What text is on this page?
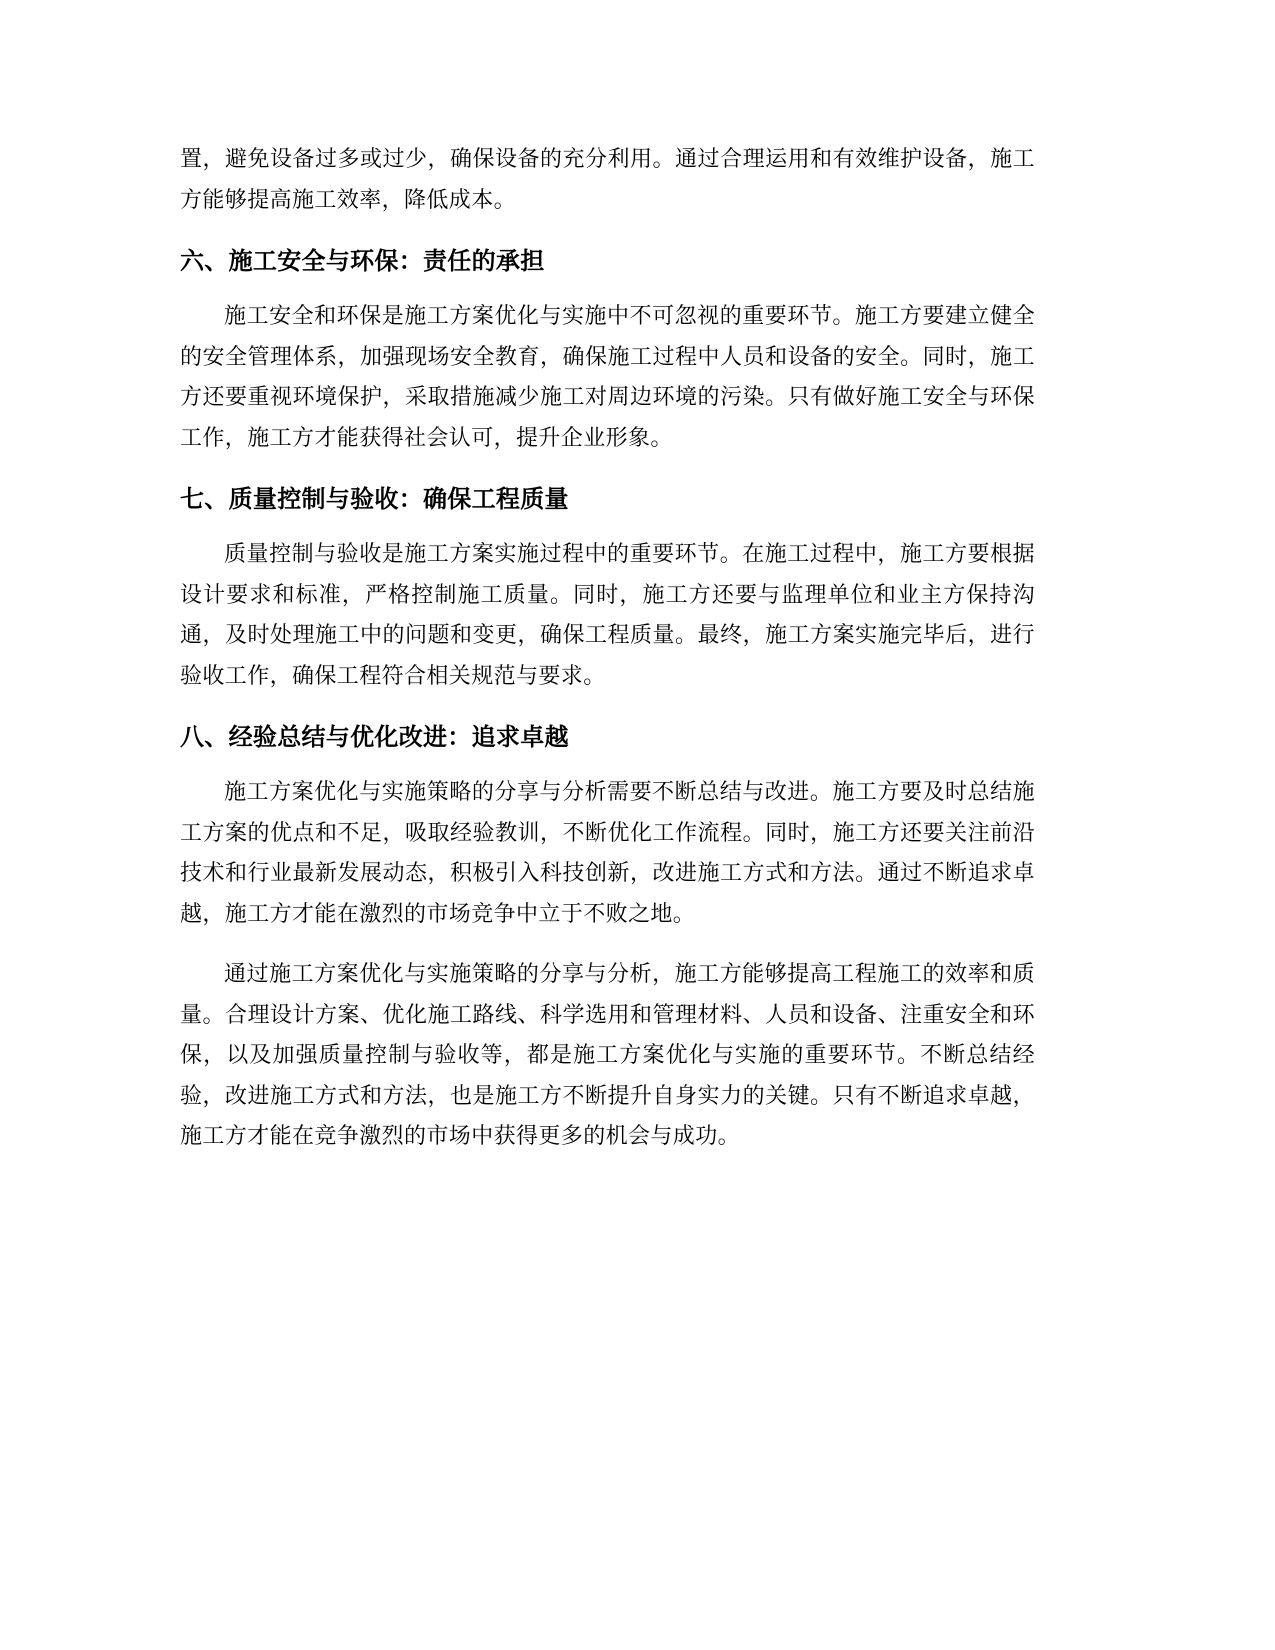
置，避免设备过多或过少，确保设备的充分利用。通过合理运用和有效维护设备，施工方能够提高施工效率，降低成本。

六、施工安全与环保：责任的承担

施工安全和环保是施工方案优化与实施中不可忽视的重要环节。施工方要建立健全的安全管理体系，加强现场安全教育，确保施工过程中人员和设备的安全。同时，施工方还要重视环境保护，采取措施减少施工对周边环境的污染。只有做好施工安全与环保工作，施工方才能获得社会认可，提升企业形象。

七、质量控制与验收：确保工程质量

质量控制与验收是施工方案实施过程中的重要环节。在施工过程中，施工方要根据设计要求和标准，严格控制施工质量。同时，施工方还要与监理单位和业主方保持沟通，及时处理施工中的问题和变更，确保工程质量。最终，施工方案实施完毕后，进行验收工作，确保工程符合相关规范与要求。

八、经验总结与优化改进：追求卓越

施工方案优化与实施策略的分享与分析需要不断总结与改进。施工方要及时总结施工方案的优点和不足，吸取经验教训，不断优化工作流程。同时，施工方还要关注前沿技术和行业最新发展动态，积极引入科技创新，改进施工方式和方法。通过不断追求卓越，施工方才能在激烈的市场竞争中立于不败之地。

通过施工方案优化与实施策略的分享与分析，施工方能够提高工程施工的效率和质量。合理设计方案、优化施工路线、科学选用和管理材料、人员和设备、注重安全和环保，以及加强质量控制与验收等，都是施工方案优化与实施的重要环节。不断总结经验，改进施工方式和方法，也是施工方不断提升自身实力的关键。只有不断追求卓越，施工方才能在竞争激烈的市场中获得更多的机会与成功。
